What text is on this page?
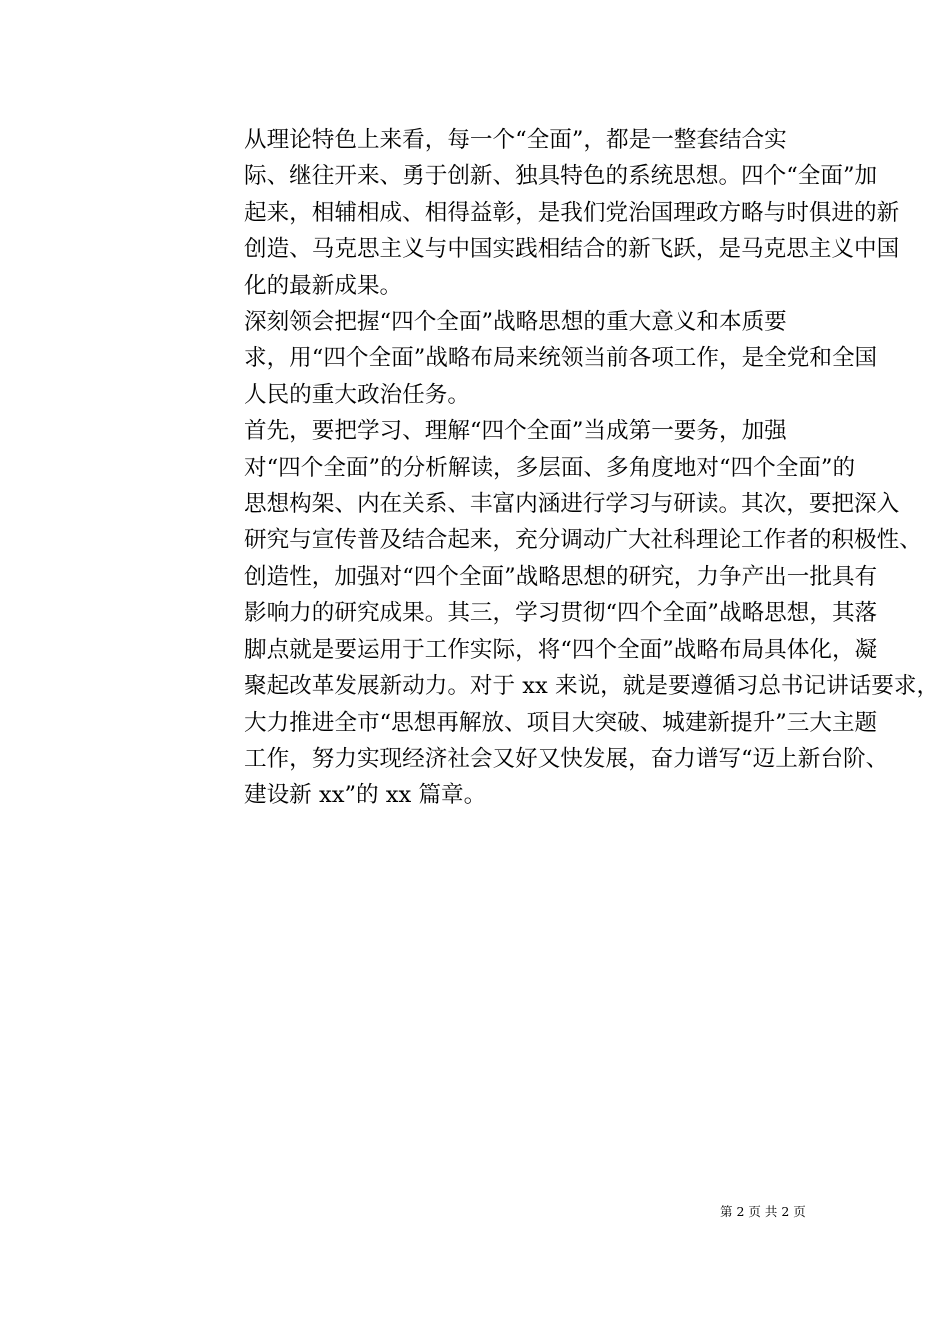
从理论特色上来看，每一个“全面”，都是一整套结合实
际、继往开来、勇于创新、独具特色的系统思想。四个“全面”加
起来，相辅相成、相得益彰，是我们党治国理政方略与时俱进的新
创造、马克思主义与中国实践相结合的新飞跃，是马克思主义中国
化的最新成果。

深刻领会把握“四个全面”战略思想的重大意义和本质要
求，用“四个全面”战略布局来统领当前各项工作，是全党和全国
人民的重大政治任务。

首先，要把学习、理解“四个全面”当成第一要务，加强
对“四个全面”的分析解读，多层面、多角度地对“四个全面”的
思想构架、内在关系、丰富内涵进行学习与研读。其次，要把深入
研究与宣传普及结合起来，充分调动广大社科理论工作者的积极性、
创造性，加强对“四个全面”战略思想的研究，力争产出一批具有
影响力的研究成果。其三，学习贯彻“四个全面”战略思想，其落
脚点就是要运用于工作实际，将“四个全面”战略布局具体化，凝
聚起改革发展新动力。对于 xx 来说，就是要遵循习总书记讲话要求，
大力推进全市“思想再解放、项目大突破、城建新提升”三大主题
工作，努力实现经济社会又好又快发展，奋力谱写“迈上新台阶、
建设新 xx”的 xx 篇章。

第 2 页 共 2 页
